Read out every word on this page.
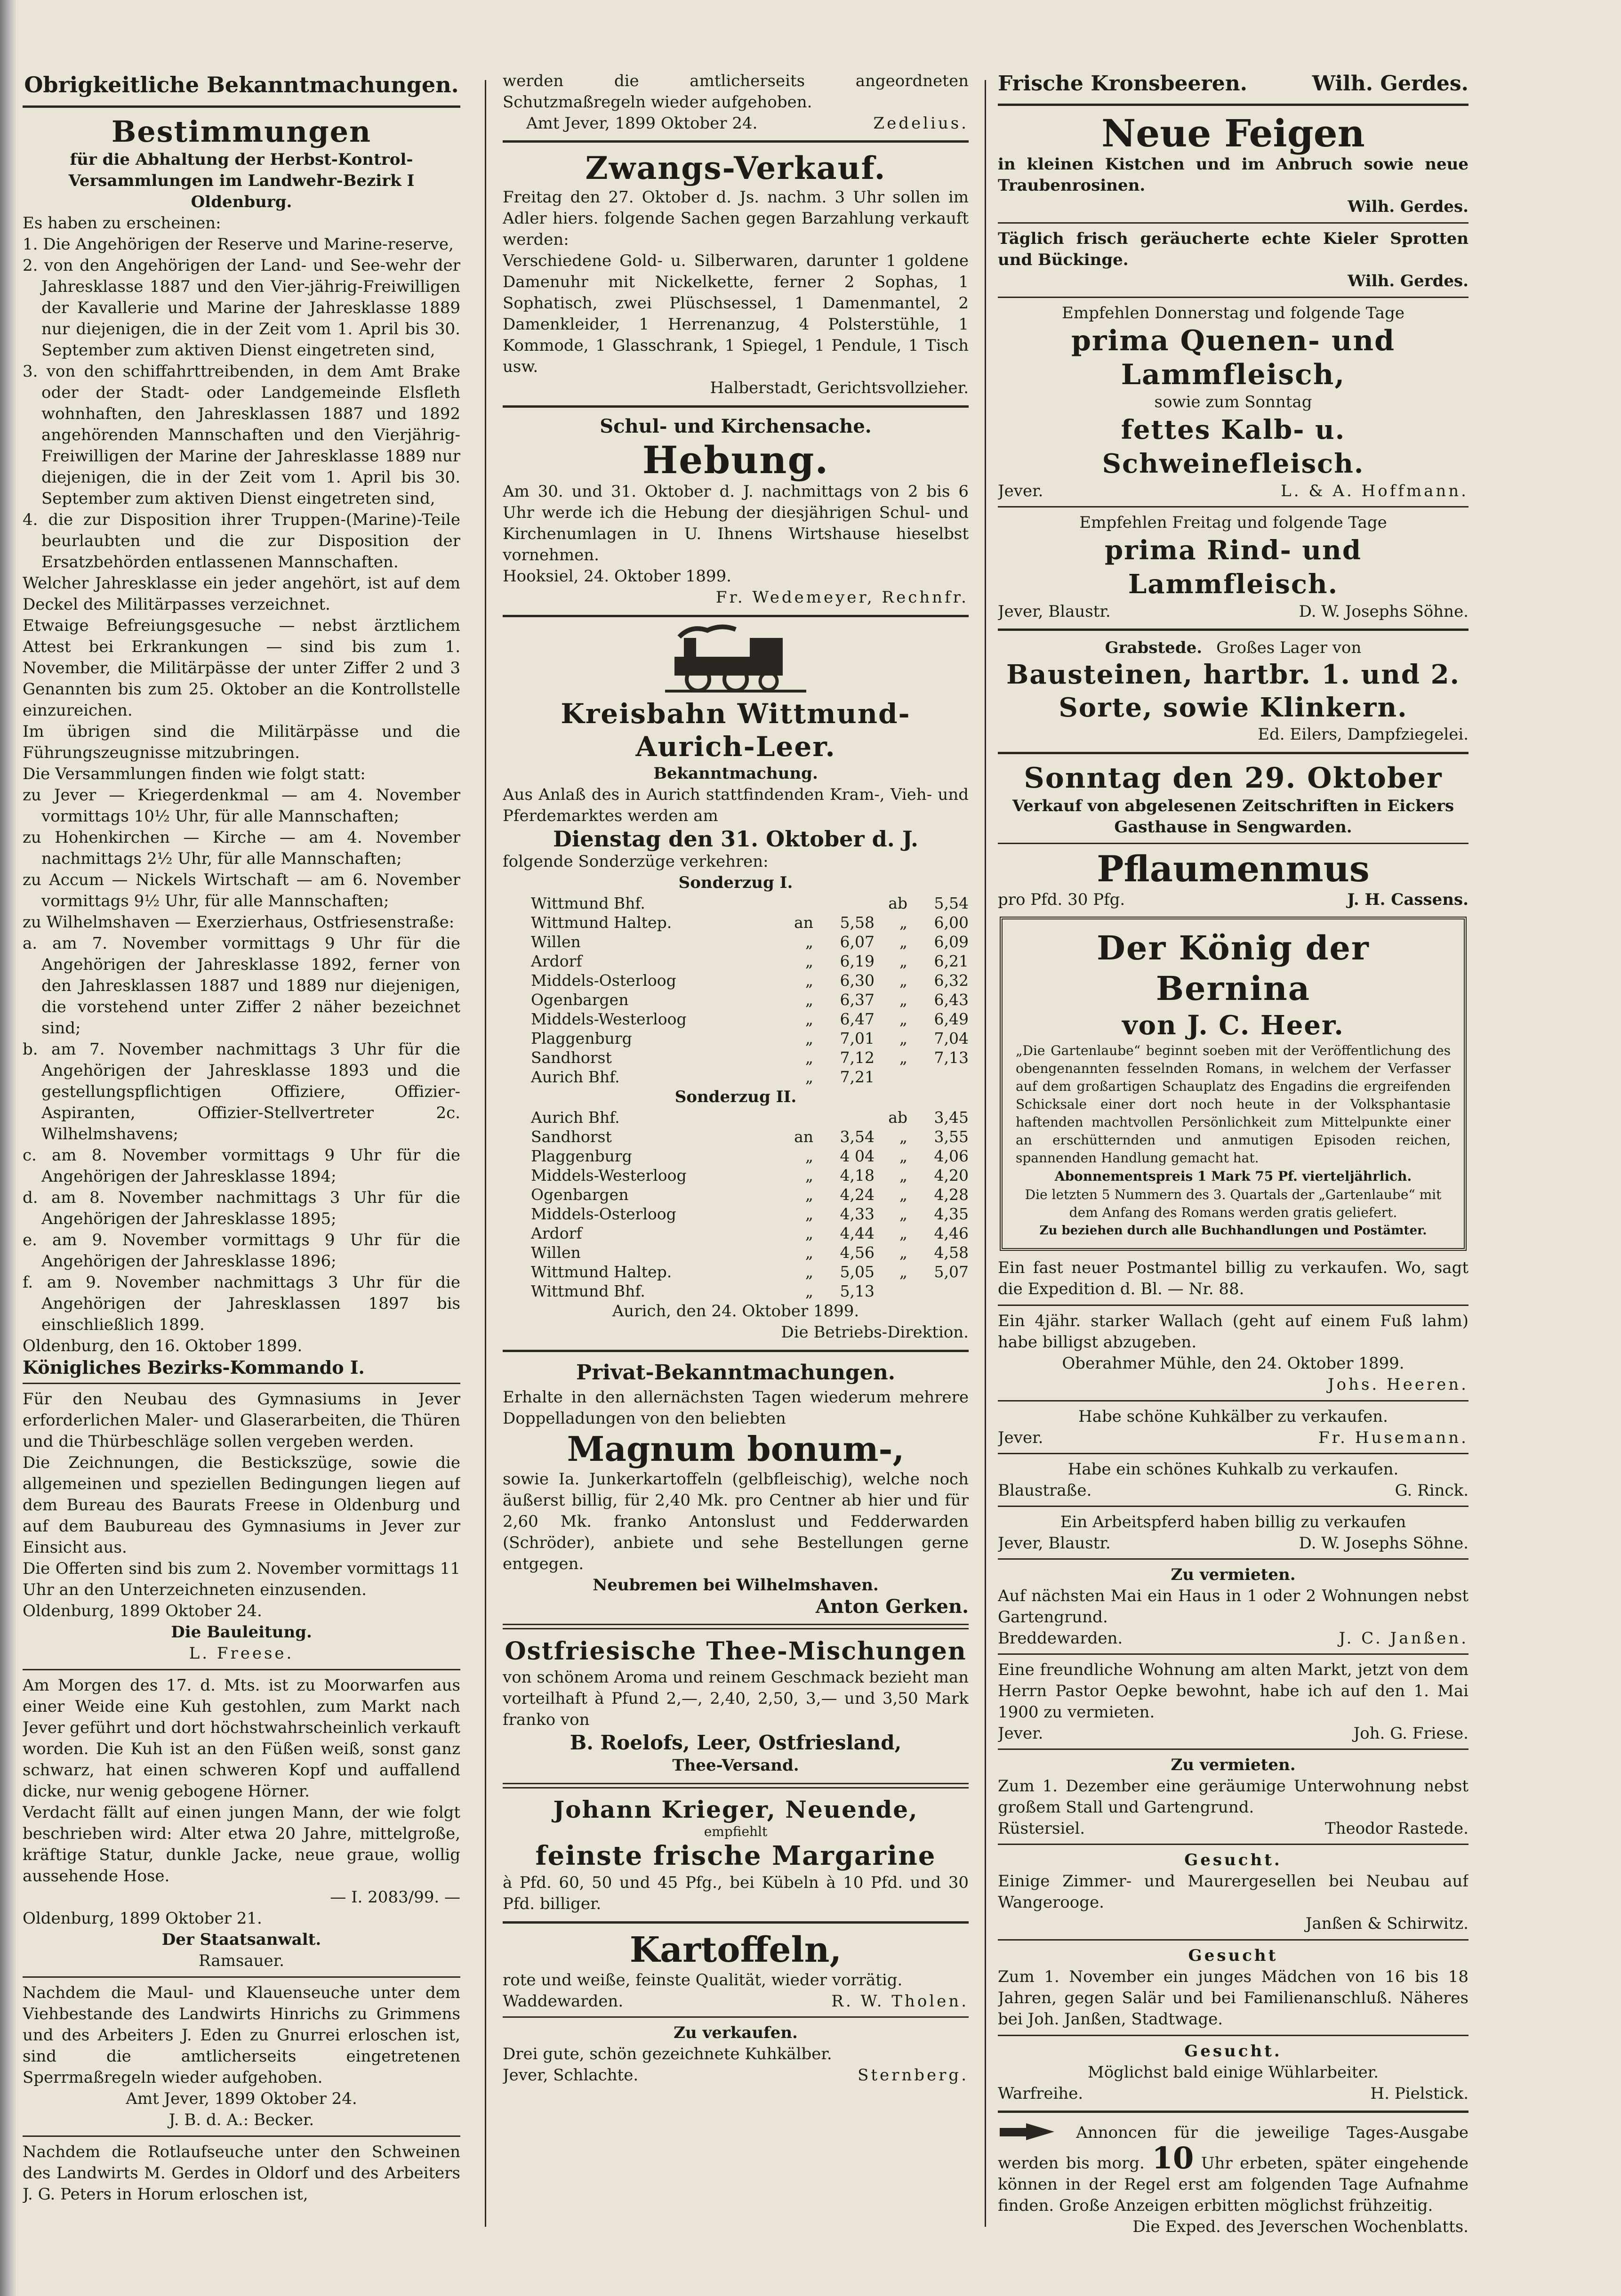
Obrigkeitliche Bekanntmachungen.
Bestimmungen
für die Abhaltung der Herbst-Kontrol-Versammlungen im Landwehr-Bezirk I Oldenburg.
Es haben zu erscheinen:
1. Die Angehörigen der Reserve und Marine-reserve,
2. von den Angehörigen der Land- und See-wehr der Jahresklasse 1887 und den Vier-jährig-Freiwilligen der Kavallerie und Marine der Jahresklasse 1889 nur diejenigen, die in der Zeit vom 1. April bis 30. September zum aktiven Dienst eingetreten sind,
3. von den schiffahrttreibenden, in dem Amt Brake oder der Stadt- oder Landgemeinde Elsfleth wohnhaften, den Jahresklassen 1887 und 1892 angehörenden Mannschaften und den Vierjährig-Freiwilligen der Marine der Jahresklasse 1889 nur diejenigen, die in der Zeit vom 1. April bis 30. September zum aktiven Dienst eingetreten sind,
4. die zur Disposition ihrer Truppen-(Marine)-Teile beurlaubten und die zur Disposition der Ersatzbehörden entlassenen Mannschaften.
Welcher Jahresklasse ein jeder angehört, ist auf dem Deckel des Militärpasses verzeichnet.
Etwaige Befreiungsgesuche — nebst ärztlichem Attest bei Erkrankungen — sind bis zum 1. November, die Militärpässe der unter Ziffer 2 und 3 Genannten bis zum 25. Oktober an die Kontrollstelle einzureichen.
Im übrigen sind die Militärpässe und die Führungszeugnisse mitzubringen.
Die Versammlungen finden wie folgt statt:
zu Jever — Kriegerdenkmal — am 4. November vormittags 10½ Uhr, für alle Mannschaften;
zu Hohenkirchen — Kirche — am 4. November nachmittags 2½ Uhr, für alle Mannschaften;
zu Accum — Nickels Wirtschaft — am 6. November vormittags 9½ Uhr, für alle Mannschaften;
zu Wilhelmshaven — Exerzierhaus, Ostfriesenstraße:
a. am 7. November vormittags 9 Uhr für die Angehörigen der Jahresklasse 1892, ferner von den Jahresklassen 1887 und 1889 nur diejenigen, die vorstehend unter Ziffer 2 näher bezeichnet sind;
b. am 7. November nachmittags 3 Uhr für die Angehörigen der Jahresklasse 1893 und die gestellungspflichtigen Offiziere, Offizier-Aspiranten, Offizier-Stellvertreter 2c. Wilhelmshavens;
c. am 8. November vormittags 9 Uhr für die Angehörigen der Jahresklasse 1894;
d. am 8. November nachmittags 3 Uhr für die Angehörigen der Jahresklasse 1895;
e. am 9. November vormittags 9 Uhr für die Angehörigen der Jahresklasse 1896;
f. am 9. November nachmittags 3 Uhr für die Angehörigen der Jahresklassen 1897 bis einschließlich 1899.
Oldenburg, den 16. Oktober 1899.
Königliches Bezirks-Kommando I.
Für den Neubau des Gymnasiums in Jever erforderlichen Maler- und Glaserarbeiten, die Thüren und die Thürbeschläge sollen vergeben werden.
Die Zeichnungen, die Bestickszüge, sowie die allgemeinen und speziellen Bedingungen liegen auf dem Bureau des Baurats Freese in Oldenburg und auf dem Baubureau des Gymnasiums in Jever zur Einsicht aus.
Die Offerten sind bis zum 2. November vormittags 11 Uhr an den Unterzeichneten einzusenden.
Oldenburg, 1899 Oktober 24.
Die Bauleitung.
L. Freese.
Am Morgen des 17. d. Mts. ist zu Moorwarfen aus einer Weide eine Kuh gestohlen, zum Markt nach Jever geführt und dort höchstwahrscheinlich verkauft worden. Die Kuh ist an den Füßen weiß, sonst ganz schwarz, hat einen schweren Kopf und auffallend dicke, nur wenig gebogene Hörner.
Verdacht fällt auf einen jungen Mann, der wie folgt beschrieben wird: Alter etwa 20 Jahre, mittelgroße, kräftige Statur, dunkle Jacke, neue graue, wollig aussehende Hose.
— I. 2083/99. —
Oldenburg, 1899 Oktober 21.
Der Staatsanwalt.
Ramsauer.
Nachdem die Maul- und Klauenseuche unter dem Viehbestande des Landwirts Hinrichs zu Grimmens und des Arbeiters J. Eden zu Gnurrei erloschen ist, sind die amtlicherseits eingetretenen Sperrmaßregeln wieder aufgehoben.
Amt Jever, 1899 Oktober 24.
J. B. d. A.: Becker.
Nachdem die Rotlaufseuche unter den Schweinen des Landwirts M. Gerdes in Oldorf und des Arbeiters J. G. Peters in Horum erloschen ist,
werden die amtlicherseits angeordneten Schutzmaßregeln wieder aufgehoben.
Amt Jever, 1899 Oktober 24.	Zedelius.
Zwangs-Verkauf.
Freitag den 27. Oktober d. Js. nachm. 3 Uhr sollen im Adler hiers. folgende Sachen gegen Barzahlung verkauft werden:
Verschiedene Gold- u. Silberwaren, darunter 1 goldene Damenuhr mit Nickelkette, ferner 2 Sophas, 1 Sophatisch, zwei Plüschsessel, 1 Damenmantel, 2 Damenkleider, 1 Herrenanzug, 4 Polsterstühle, 1 Kommode, 1 Glasschrank, 1 Spiegel, 1 Pendule, 1 Tisch usw.
Halberstadt, Gerichtsvollzieher.
Schul- und Kirchensache.
Hebung.
Am 30. und 31. Oktober d. J. nachmittags von 2 bis 6 Uhr werde ich die Hebung der diesjährigen Schul- und Kirchenumlagen in U. Ihnens Wirtshause hieselbst vornehmen.
Hooksiel, 24. Oktober 1899.
Fr. Wedemeyer, Rechnfr.
Kreisbahn Wittmund-Aurich-Leer.
Bekanntmachung.
Aus Anlaß des in Aurich stattfindenden Kram-, Vieh- und Pferdemarktes werden am
Dienstag den 31. Oktober d. J.
folgende Sonderzüge verkehren:
Sonderzug I.
Wittmund Bhf.	ab	5,54
Wittmund Haltep.	an	5,58	„	6,00
Willen	„	6,07	„	6,09
Ardorf	„	6,19	„	6,21
Middels-Osterloog	„	6,30	„	6,32
Ogenbargen	„	6,37	„	6,43
Middels-Westerloog	„	6,47	„	6,49
Plaggenburg	„	7,01	„	7,04
Sandhorst	„	7,12	„	7,13
Aurich Bhf.	„	7,21
Sonderzug II.
Aurich Bhf.	ab	3,45
Sandhorst	an	3,54	„	3,55
Plaggenburg	„	4 04	„	4,06
Middels-Westerloog	„	4,18	„	4,20
Ogenbargen	„	4,24	„	4,28
Middels-Osterloog	„	4,33	„	4,35
Ardorf	„	4,44	„	4,46
Willen	„	4,56	„	4,58
Wittmund Haltep.	„	5,05	„	5,07
Wittmund Bhf.	„	5,13
Aurich, den 24. Oktober 1899.
Die Betriebs-Direktion.
Privat-Bekanntmachungen.
Erhalte in den allernächsten Tagen wiederum mehrere Doppelladungen von den beliebten
Magnum bonum-,
sowie Ia. Junkerkartoffeln (gelbfleischig), welche noch äußerst billig, für 2,40 Mk. pro Centner ab hier und für 2,60 Mk. franko Antonslust und Fedderwarden (Schröder), anbiete und sehe Bestellungen gerne entgegen.
Neubremen bei Wilhelmshaven.
Anton Gerken.
Ostfriesische Thee-Mischungen
von schönem Aroma und reinem Geschmack bezieht man vorteilhaft à Pfund 2,—, 2,40, 2,50, 3,— und 3,50 Mark franko von
B. Roelofs, Leer, Ostfriesland,
Thee-Versand.
Johann Krieger, Neuende,
empfiehlt
feinste frische Margarine
à Pfd. 60, 50 und 45 Pfg., bei Kübeln à 10 Pfd. und 30 Pfd. billiger.
Kartoffeln,
rote und weiße, feinste Qualität, wieder vorrätig.
Waddewarden.	R. W. Tholen.
Zu verkaufen.
Drei gute, schön gezeichnete Kuhkälber.
Jever, Schlachte.	Sternberg.
Frische Kronsbeeren.	Wilh. Gerdes.
Neue Feigen
in kleinen Kistchen und im Anbruch sowie neue Traubenrosinen.
Wilh. Gerdes.
Täglich frisch geräucherte echte Kieler Sprotten und Bückinge.
Wilh. Gerdes.
Empfehlen Donnerstag und folgende Tage
prima Quenen- und Lammfleisch,
sowie zum Sonntag
fettes Kalb- u. Schweinefleisch.
Jever.	L. & A. Hoffmann.
Empfehlen Freitag und folgende Tage
prima Rind- und Lammfleisch.
Jever, Blaustr.	D. W. Josephs Söhne.
Grabstede. Großes Lager von
Bausteinen, hartbr. 1. und 2. Sorte, sowie Klinkern.
Ed. Eilers, Dampfziegelei.
Sonntag den 29. Oktober
Verkauf von abgelesenen Zeitschriften in Eickers Gasthause in Sengwarden.
Pflaumenmus
pro Pfd. 30 Pfg.	J. H. Cassens.
Der König der Bernina
von J. C. Heer.
„Die Gartenlaube“ beginnt soeben mit der Veröffentlichung des obengenannten fesselnden Romans, in welchem der Verfasser auf dem großartigen Schauplatz des Engadins die ergreifenden Schicksale einer dort noch heute in der Volksphantasie haftenden machtvollen Persönlichkeit zum Mittelpunkte einer an erschütternden und anmutigen Episoden reichen, spannenden Handlung gemacht hat.
Abonnementspreis 1 Mark 75 Pf. vierteljährlich.
Die letzten 5 Nummern des 3. Quartals der „Gartenlaube“ mit dem Anfang des Romans werden gratis geliefert.
Zu beziehen durch alle Buchhandlungen und Postämter.
Ein fast neuer Postmantel billig zu verkaufen. Wo, sagt die Expedition d. Bl. — Nr. 88.
Ein 4jähr. starker Wallach (geht auf einem Fuß lahm) habe billigst abzugeben.
Oberahmer Mühle, den 24. Oktober 1899.
Johs. Heeren.
Habe schöne Kuhkälber zu verkaufen.
Jever.	Fr. Husemann.
Habe ein schönes Kuhkalb zu verkaufen.
Blaustraße.	G. Rinck.
Ein Arbeitspferd haben billig zu verkaufen
Jever, Blaustr.	D. W. Josephs Söhne.
Zu vermieten.
Auf nächsten Mai ein Haus in 1 oder 2 Wohnungen nebst Gartengrund.
Breddewarden.	J. C. Janßen.
Eine freundliche Wohnung am alten Markt, jetzt von dem Herrn Pastor Oepke bewohnt, habe ich auf den 1. Mai 1900 zu vermieten.
Jever.	Joh. G. Friese.
Zu vermieten.
Zum 1. Dezember eine geräumige Unterwohnung nebst großem Stall und Gartengrund.
Rüstersiel.	Theodor Rastede.
Gesucht.
Einige Zimmer- und Maurergesellen bei Neubau auf Wangerooge.
Janßen & Schirwitz.
Gesucht
Zum 1. November ein junges Mädchen von 16 bis 18 Jahren, gegen Salär und bei Familienanschluß. Näheres bei Joh. Janßen, Stadtwage.
Gesucht.
Möglichst bald einige Wühlarbeiter.
Warfreihe.	H. Pielstick.
Annoncen für die jeweilige Tages-Ausgabe werden bis morg. 10 Uhr erbeten, später eingehende können in der Regel erst am folgenden Tage Aufnahme finden. Große Anzeigen erbitten möglichst frühzeitig.
Die Exped. des Jeverschen Wochenblatts.
